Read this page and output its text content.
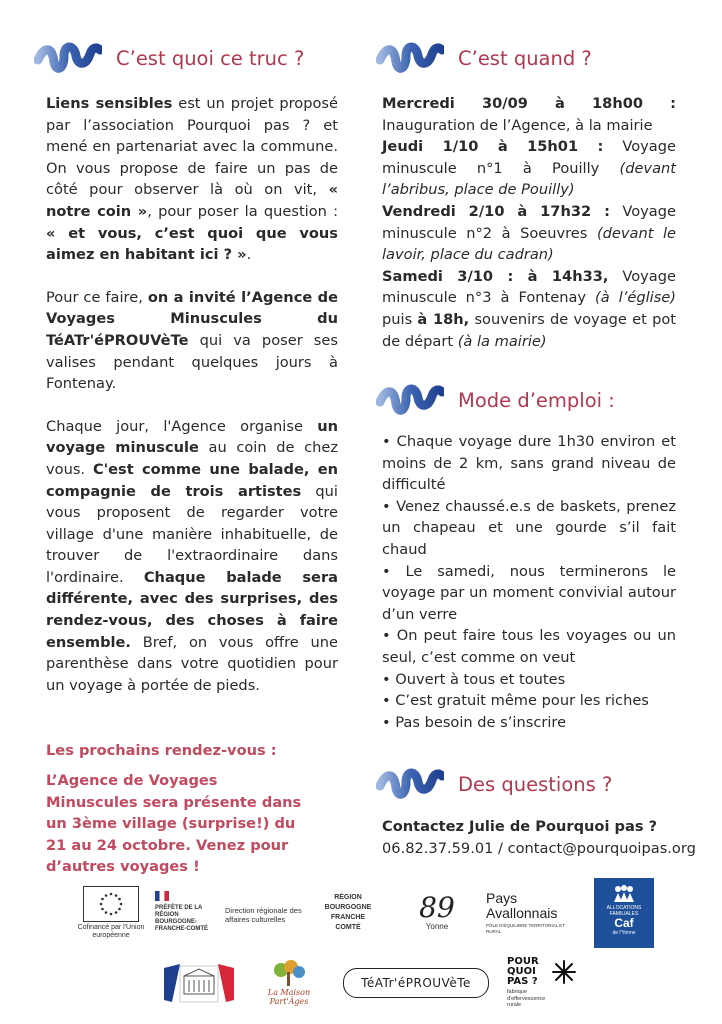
C’est quoi ce truc ?

Liens sensibles est un projet proposé par l’association Pourquoi pas ? et mené en partenariat avec la commune. On vous propose de faire un pas de côté pour observer là où on vit, « notre coin », pour poser la question : « et vous, c’est quoi que vous aimez en habitant ici ? ».

Pour ce faire, on a invité l’Agence de Voyages Minuscules du TéATr'éPROUVèTe qui va poser ses valises pendant quelques jours à Fontenay.

Chaque jour, l'Agence organise un voyage minuscule au coin de chez vous. C'est comme une balade, en compagnie de trois artistes qui vous proposent de regarder votre village d'une manière inhabituelle, de trouver de l'extraordinaire dans l'ordinaire. Chaque balade sera différente, avec des surprises, des rendez-vous, des choses à faire ensemble. Bref, on vous offre une parenthèse dans votre quotidien pour un voyage à portée de pieds.

Les prochains rendez-vous :
L’Agence de Voyages Minuscules sera présente dans un 3ème village (surprise!) du 21 au 24 octobre. Venez pour d’autres voyages !
C’est quand ?

Mercredi 30/09 à 18h00 : Inauguration de l’Agence, à la mairie

Jeudi 1/10 à 15h01 : Voyage minuscule n°1 à Pouilly (devant l’abribus, place de Pouilly)

Vendredi 2/10 à 17h32 : Voyage minuscule n°2 à Soeuvres (devant le lavoir, place du cadran)

Samedi 3/10 : à 14h33, Voyage minuscule n°3 à Fontenay (à l’église) puis à 18h, souvenirs de voyage et pot de départ (à la mairie)

Mode d’emploi :
• Chaque voyage dure 1h30 environ et moins de 2 km, sans grand niveau de difficulté
• Venez chaussé.e.s de baskets, prenez un chapeau et une gourde s’il fait chaud
• Le samedi, nous terminerons le voyage par un moment convivial autour d’un verre
• On peut faire tous les voyages ou un seul, c’est comme on veut
• Ouvert à tous et toutes
• C’est gratuit même pour les riches
• Pas besoin de s’inscrire
Des questions ?
Contactez Julie de Pourquoi pas ?
06.82.37.59.01 / contact@pourquoipas.org
Cofinancé par l'Union européenne
PRÉFÈTE DE LA RÉGION BOURGOGNE-FRANCHE-COMTÉ
Direction régionale des affaires culturelles
RÉGION BOURGOGNE FRANCHE COMTÉ
89
Yonne
Pays
Avallonnais
PÔLE D'ÉQUILIBRE TERRITORIAL ET RURAL
ALLOCATIONS FAMILIALES
Caf
de l'Yonne
La Maison
Part'Âges
TéATr'éPROUVèTe
POUR QUOI PAS ?
fabrique d'effervescence rurale
